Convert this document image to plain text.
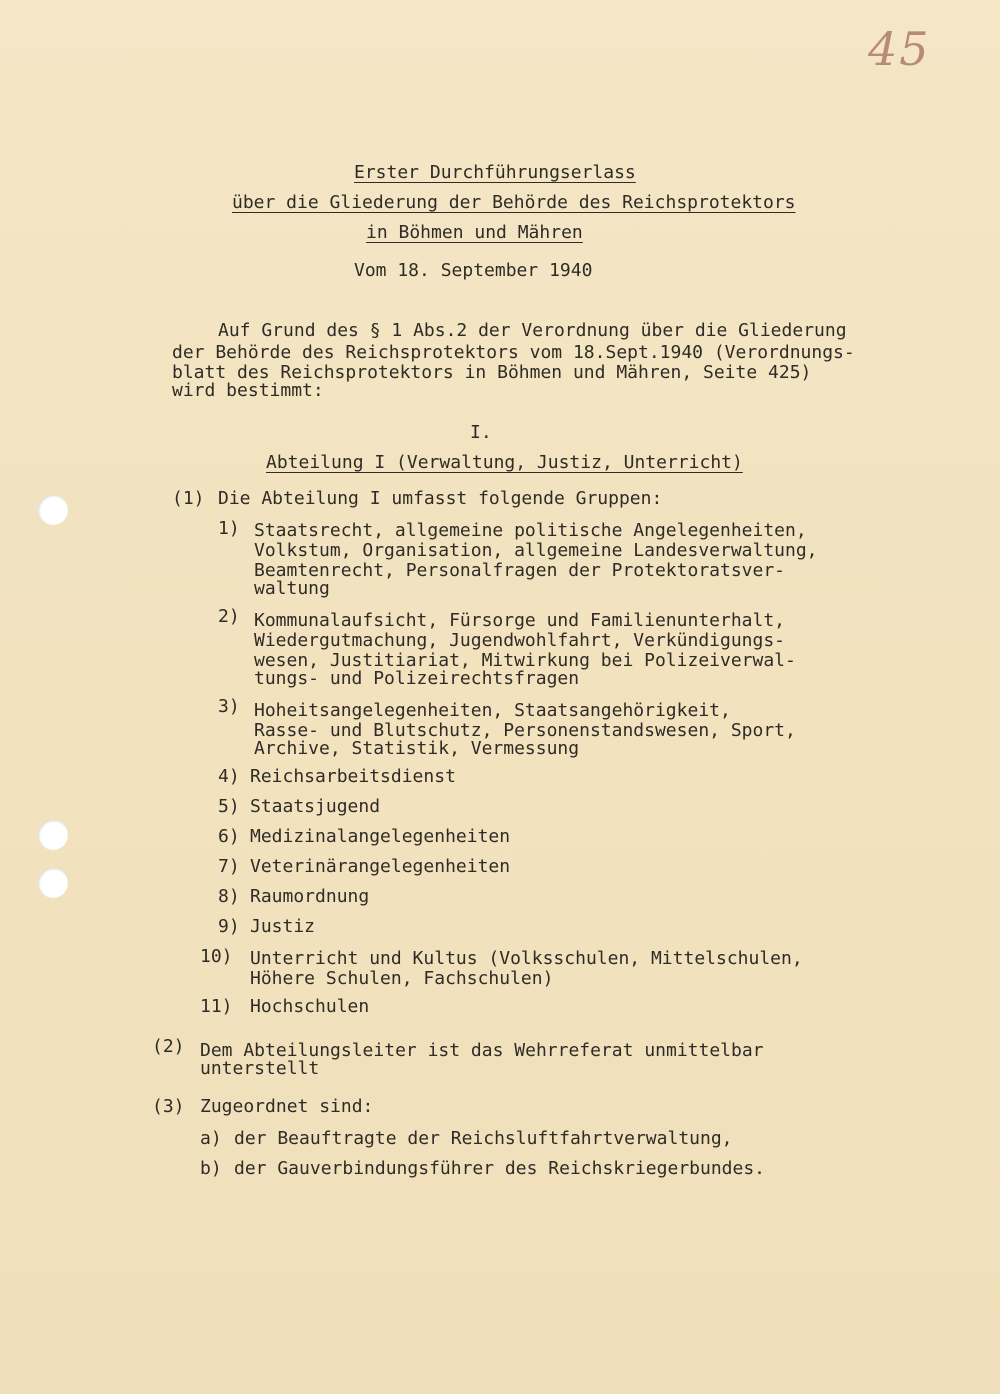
45
Erster Durchführungserlass
über die Gliederung der Behörde des Reichsprotektors
in Böhmen und Mähren
Vom 18. September 1940
Auf Grund des § 1 Abs.2 der Verordnung über die Gliederung
der Behörde des Reichsprotektors vom 18.Sept.1940 (Verordnungs-
blatt des Reichsprotektors in Böhmen und Mähren, Seite 425)
wird bestimmt:
I.
Abteilung I (Verwaltung, Justiz, Unterricht)
(1) Die Abteilung I umfasst folgende Gruppen:
1) Staatsrecht, allgemeine politische Angelegenheiten,
Volkstum, Organisation, allgemeine Landesverwaltung,
Beamtenrecht, Personalfragen der Protektoratsver-
waltung
2) Kommunalaufsicht, Fürsorge und Familienunterhalt,
Wiedergutmachung, Jugendwohlfahrt, Verkündigungs-
wesen, Justitiariat, Mitwirkung bei Polizeiverwal-
tungs- und Polizeirechtsfragen
3) Hoheitsangelegenheiten, Staatsangehörigkeit,
Rasse- und Blutschutz, Personenstandswesen, Sport,
Archive, Statistik, Vermessung
4) Reichsarbeitsdienst
5) Staatsjugend
6) Medizinalangelegenheiten
7) Veterinärangelegenheiten
8) Raumordnung
9) Justiz
10) Unterricht und Kultus (Volksschulen, Mittelschulen,
Höhere Schulen, Fachschulen)
11) Hochschulen
(2) Dem Abteilungsleiter ist das Wehrreferat unmittelbar
unterstellt
(3) Zugeordnet sind:
a) der Beauftragte der Reichsluftfahrtverwaltung,
b) der Gauverbindungsführer des Reichskriegerbundes.
